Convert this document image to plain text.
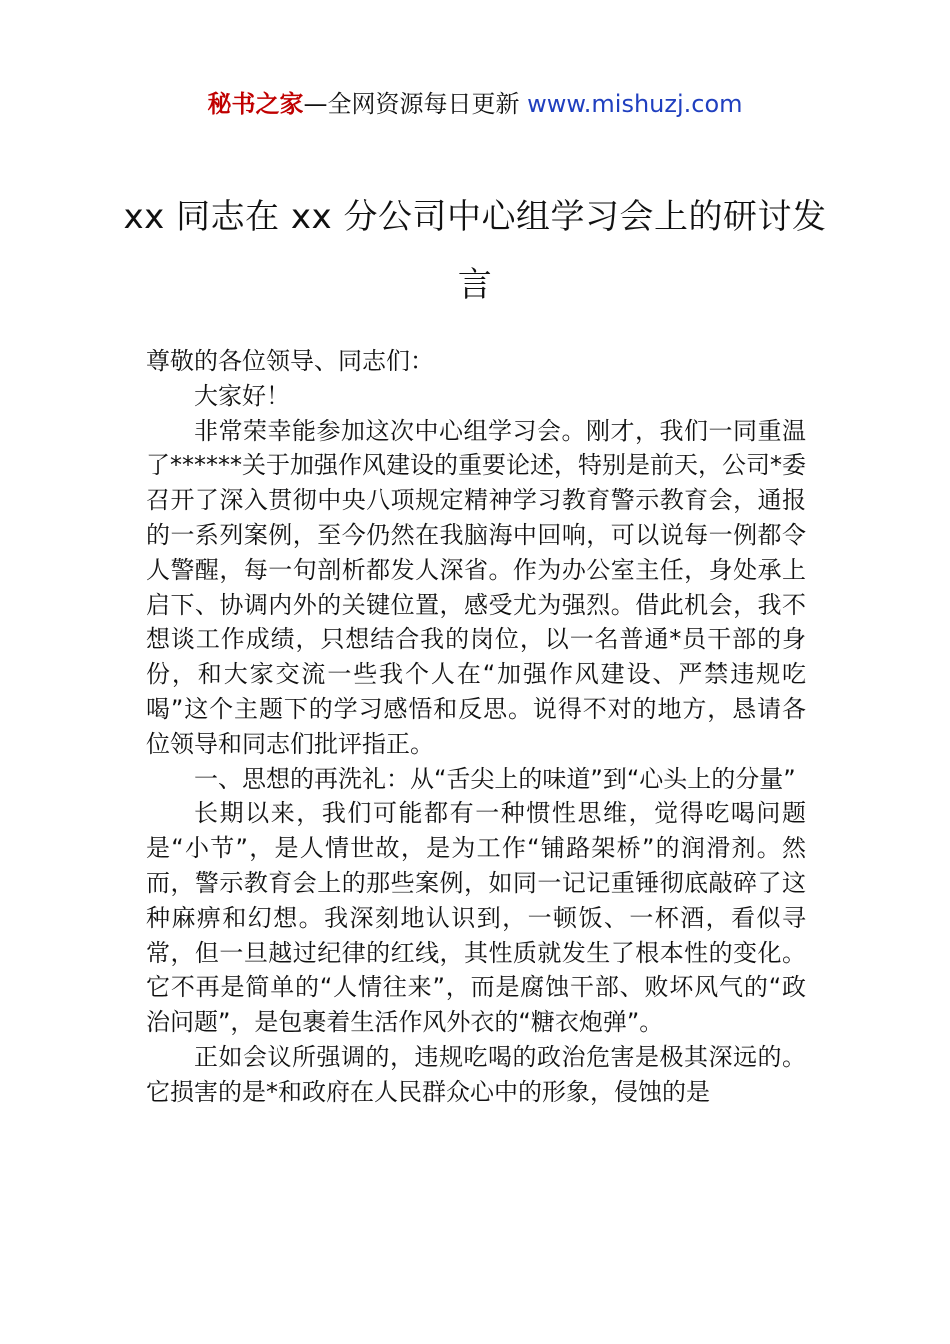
秘书之家—全网资源每日更新 www.mishuzj.com
xx 同志在 xx 分公司中心组学习会上的研讨发言

尊敬的各位领导、同志们：

大家好！

非常荣幸能参加这次中心组学习会。刚才，我们一同重温了******关于加强作风建设的重要论述，特别是前天，公司*委召开了深入贯彻中央八项规定精神学习教育警示教育会，通报的一系列案例，至今仍然在我脑海中回响，可以说每一例都令人警醒，每一句剖析都发人深省。作为办公室主任，身处承上启下、协调内外的关键位置，感受尤为强烈。借此机会，我不想谈工作成绩，只想结合我的岗位，以一名普通*员干部的身份，和大家交流一些我个人在“加强作风建设、严禁违规吃喝”这个主题下的学习感悟和反思。说得不对的地方，恳请各位领导和同志们批评指正。

一、思想的再洗礼：从“舌尖上的味道”到“心头上的分量”

长期以来，我们可能都有一种惯性思维，觉得吃喝问题是“小节”，是人情世故，是为工作“铺路架桥”的润滑剂。然而，警示教育会上的那些案例，如同一记记重锤彻底敲碎了这种麻痹和幻想。我深刻地认识到，一顿饭、一杯酒，看似寻常，但一旦越过纪律的红线，其性质就发生了根本性的变化。它不再是简单的“人情往来”，而是腐蚀干部、败坏风气的“政治问题”，是包裹着生活作风外衣的“糖衣炮弹”。

正如会议所强调的，违规吃喝的政治危害是极其深远的。它损害的是*和政府在人民群众心中的形象，侵蚀的是
